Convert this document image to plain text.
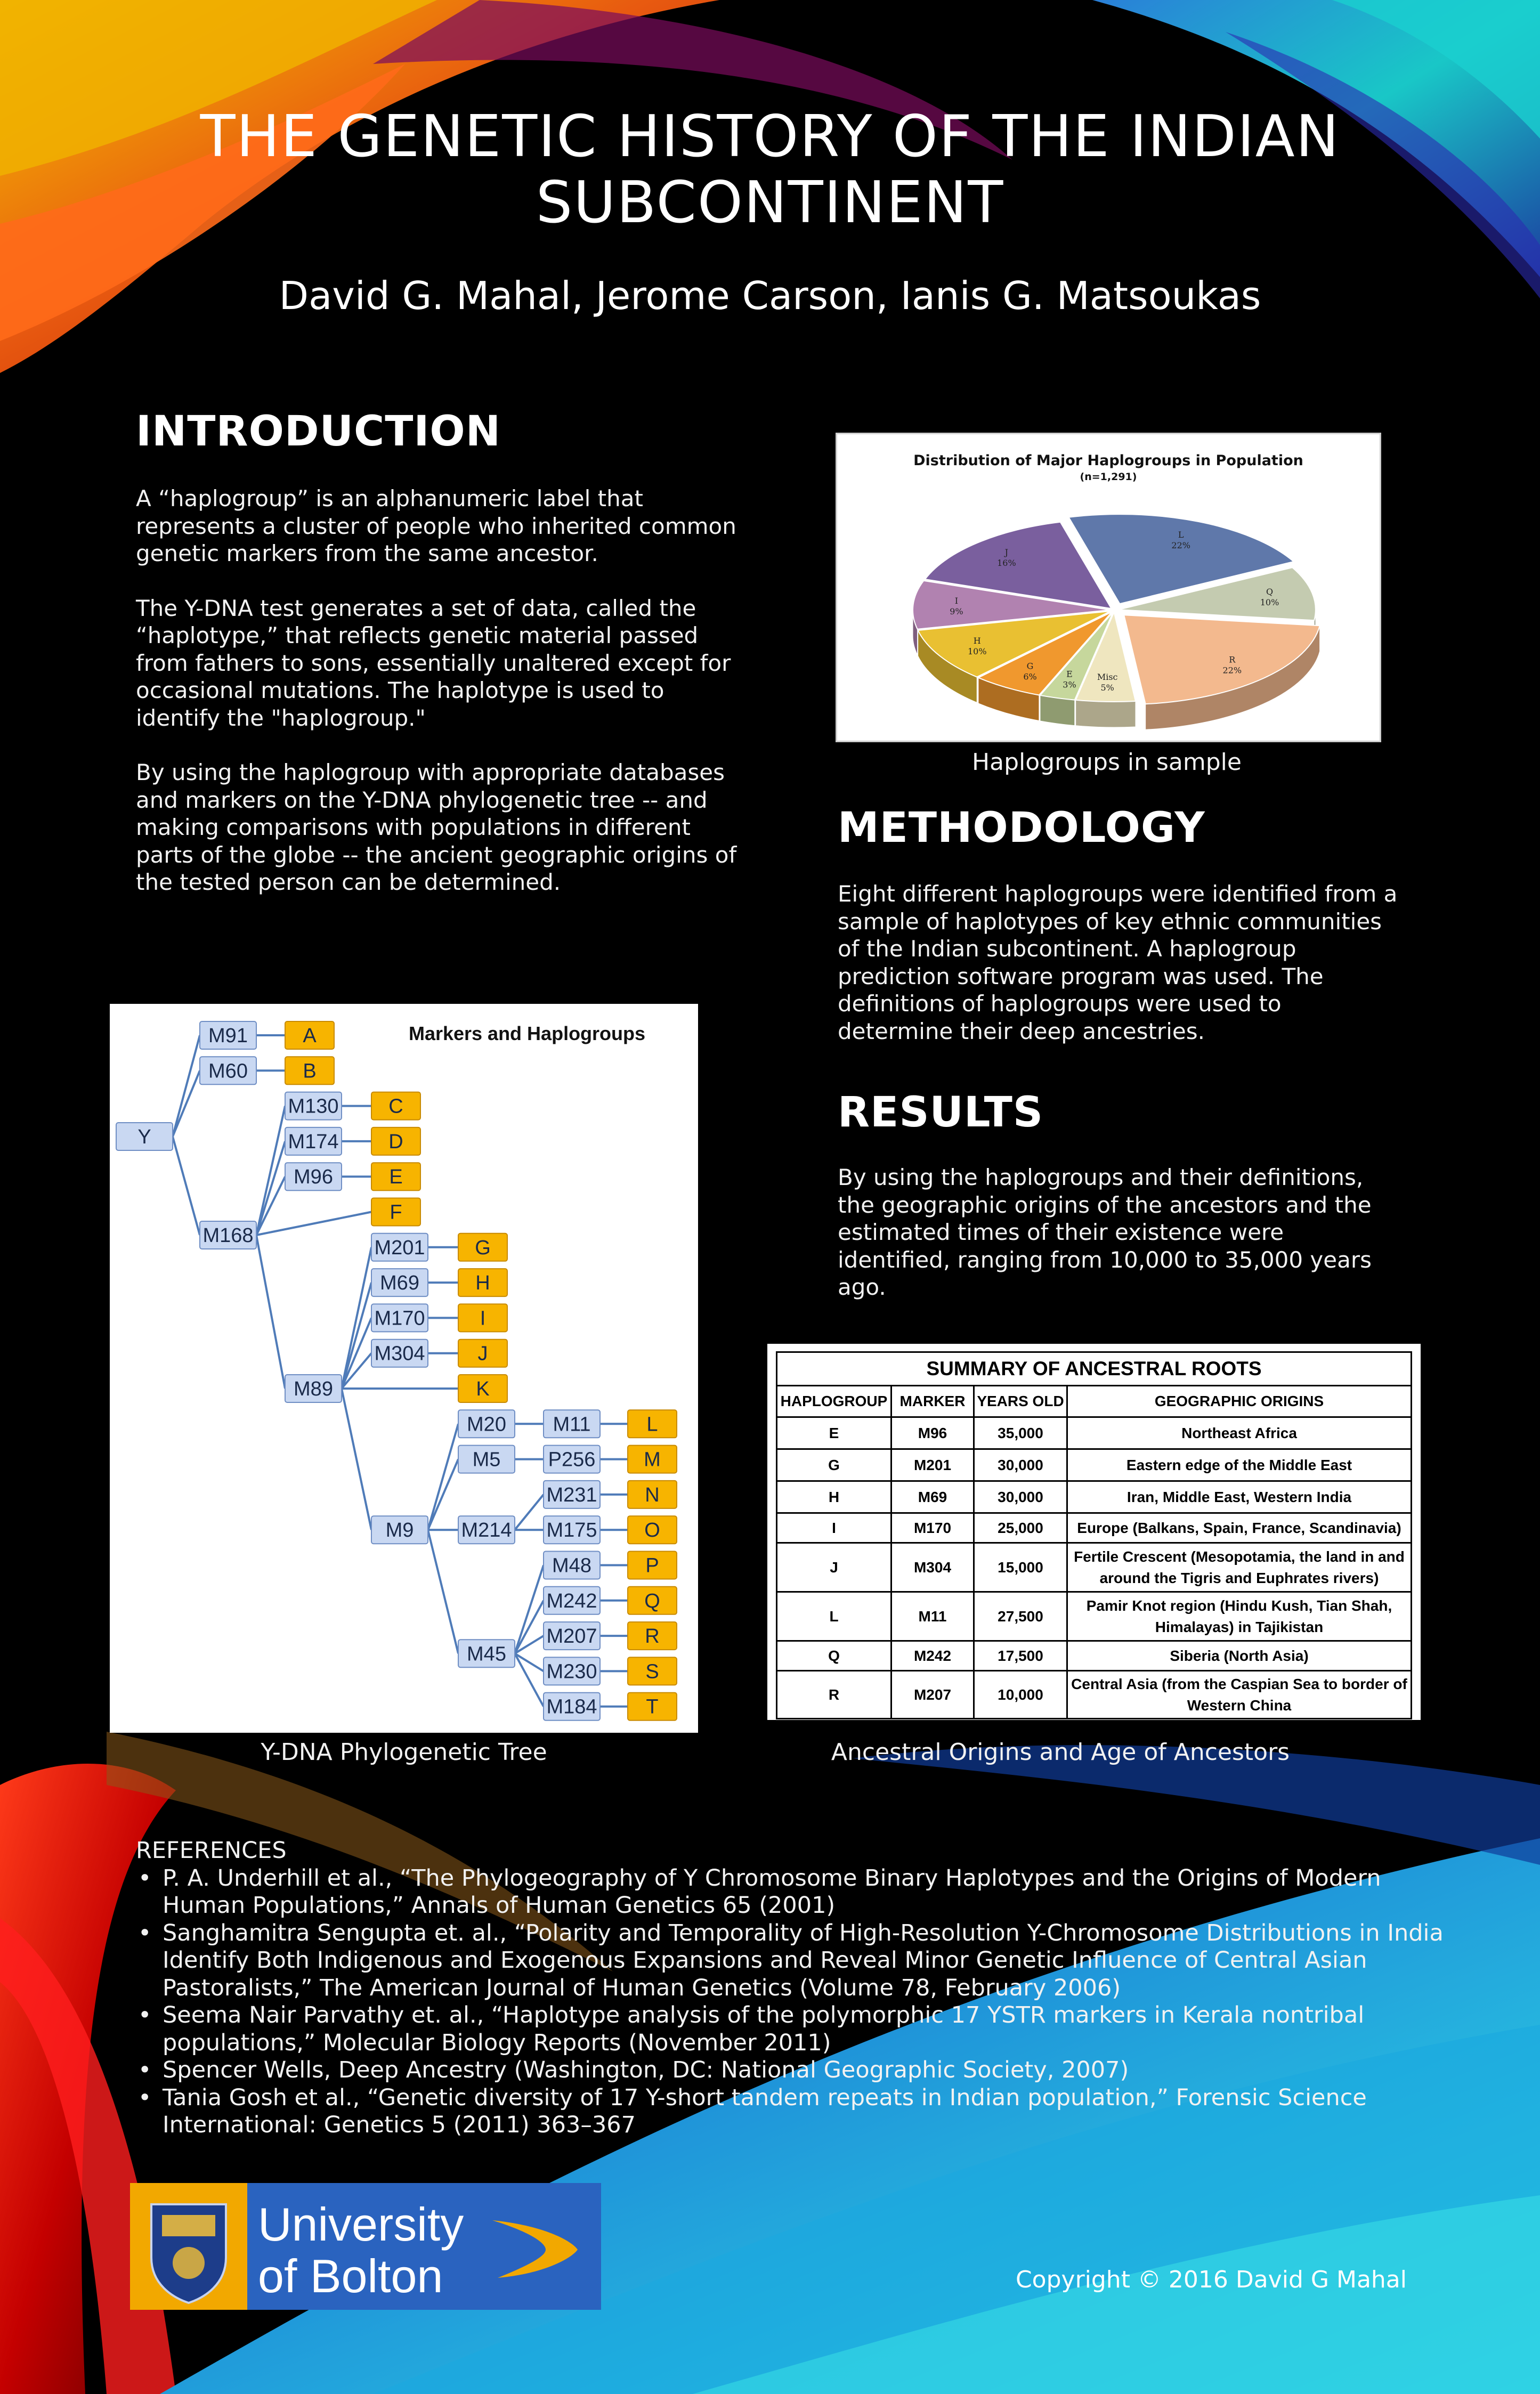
THE GENETIC HISTORY OF THE INDIAN SUBCONTINENT
David G. Mahal, Jerome Carson, Ianis G. Matsoukas
INTRODUCTION

A “haplogroup” is an alphanumeric label that represents a cluster of people who inherited common genetic markers from the same ancestor.

The Y-DNA test generates a set of data, called the “haplotype,” that reflects genetic material passed from fathers to sons, essentially unaltered except for occasional mutations. The haplotype is used to identify the "haplogroup."

By using the haplogroup with appropriate databases and markers on the Y-DNA phylogenetic tree -- and making comparisons with populations in different parts of the globe -- the ancient geographic origins of the tested person can be determined.

Distribution of Major Haplogroups in Population
(n=1,291)
L
22%
Q
10%
R
22%
Misc
5%
E
3%
G
6%
H
10%
I
9%
J
16%
Haplogroups in sample
METHODOLOGY
Eight different haplogroups were identified from a sample of haplotypes of key ethnic communities of the Indian subcontinent. A haplogroup prediction software program was used. The definitions of haplogroups were used to determine their deep ancestries.
RESULTS
By using the haplogroups and their definitions, the geographic origins of the ancestors and the estimated times of their existence were identified, ranging from 10,000 to 35,000 years ago.
Markers and Haplogroups
Y
M91
M60
M168
A
B
M130
M174
M96
M89
C
D
E
F
M201
M69
M170
M304
M9
G
H
I
J
K
M20
M5
M214
M45
M11
P256
M231
M175
M48
M242
M207
M230
M184
L
M
N
O
P
Q
R
S
T
Y-DNA Phylogenetic Tree
SUMMARY OF ANCESTRAL ROOTS			
HAPLOGROUP	MARKER	YEARS OLD	GEOGRAPHIC ORIGINS
E	M96	35,000	Northeast Africa
G	M201	30,000	Eastern edge of the Middle East
H	M69	30,000	Iran, Middle East, Western India
I	M170	25,000	Europe (Balkans, Spain, France, Scandinavia)
J	M304	15,000	Fertile Crescent (Mesopotamia, the land in and around the Tigris and Euphrates rivers)
L	M11	27,500	Pamir Knot region (Hindu Kush, Tian Shah, Himalayas) in Tajikistan
Q	M242	17,500	Siberia (North Asia)
R	M207	10,000	Central Asia (from the Caspian Sea to border of Western China
Ancestral Origins and Age of Ancestors
REFERENCES
• P. A. Underhill et al., “The Phylogeography of Y Chromosome Binary Haplotypes and the Origins of Modern Human Populations,” Annals of Human Genetics 65 (2001)
• Sanghamitra Sengupta et. al., “Polarity and Temporality of High-Resolution Y-Chromosome Distributions in India Identify Both Indigenous and Exogenous Expansions and Reveal Minor Genetic Influence of Central Asian Pastoralists,” The American Journal of Human Genetics (Volume 78, February 2006)
• Seema Nair Parvathy et. al., “Haplotype analysis of the polymorphic 17 YSTR markers in Kerala nontribal populations,” Molecular Biology Reports (November 2011)
• Spencer Wells, Deep Ancestry (Washington, DC: National Geographic Society, 2007)
• Tania Gosh et al., “Genetic diversity of 17 Y-short tandem repeats in Indian population,” Forensic Science International: Genetics 5 (2011) 363–367
University
of Bolton	Copyright © 2016 David G Mahal
